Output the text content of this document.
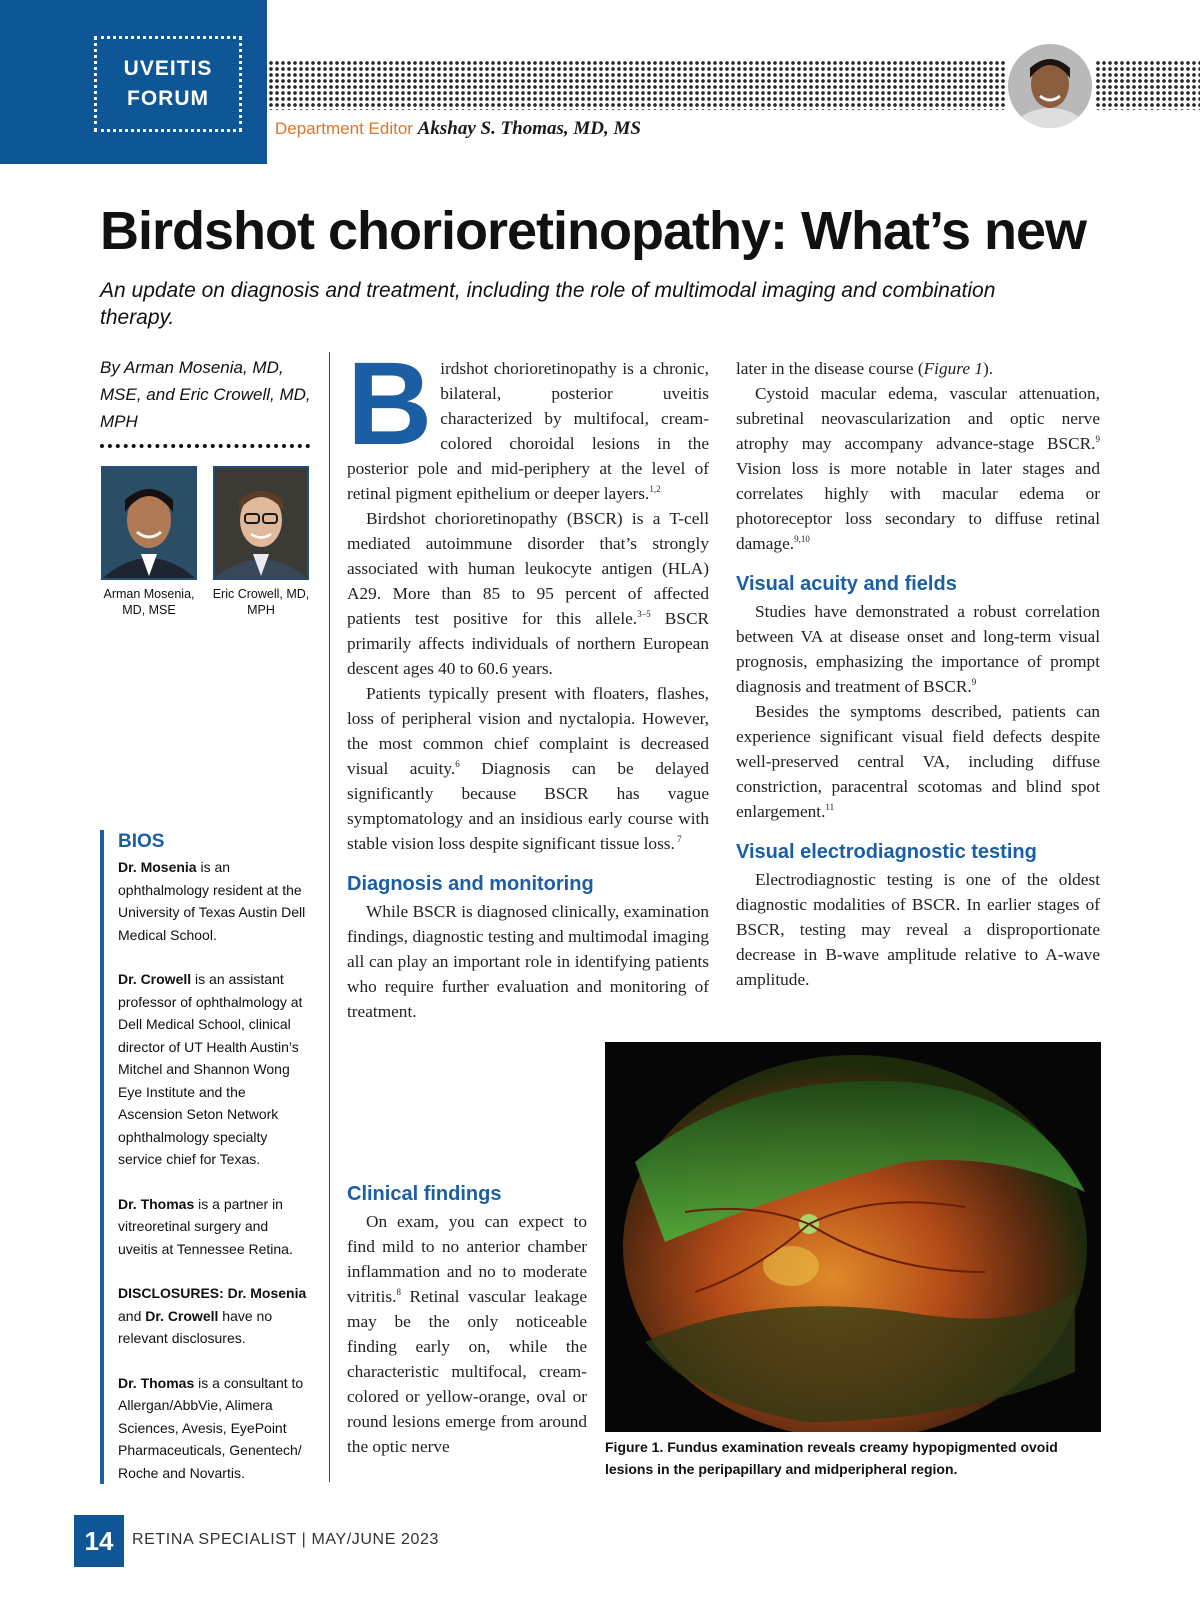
UVEITIS
FORUM
Department Editor Akshay S. Thomas, MD, MS
Birdshot chorioretinopathy: What’s new

An update on diagnosis and treatment, including the role of multimodal imaging and combination therapy.

By Arman Mosenia, MD, MSE, and Eric Crowell, MD, MPH
Arman Mosenia, MD, MSE
Eric Crowell, MD, MPH
BIOS

Dr. Mosenia is an ophthalmology resident at the University of Texas Austin Dell Medical School.

Dr. Crowell is an assistant professor of ophthalmology at Dell Medical School, clinical director of UT Health Austin’s Mitchel and Shannon Wong Eye Institute and the Ascension Seton Network ophthalmology specialty service chief for Texas.

Dr. Thomas is a partner in vitreoretinal surgery and uveitis at Tennessee Retina.

DISCLOSURES: Dr. Mosenia and Dr. Crowell have no relevant disclosures.

Dr. Thomas is a consultant to Allergan/AbbVie, Alimera Sciences, Avesis, EyePoint Pharmaceuticals, Genentech/ Roche and Novartis.

Birdshot chorioretinopathy is a chronic, bilateral, posterior uveitis characterized by multifocal, cream-colored choroidal lesions in the posterior pole and mid-periphery at the level of retinal pigment epithelium or deeper layers.$^{1,2}$

Birdshot chorioretinopathy (BSCR) is a T-cell mediated autoimmune disorder that’s strongly associated with human leukocyte antigen (HLA) A29. More than 85 to 95 percent of affected patients test positive for this allele.$^{3-5}$ BSCR primarily affects individuals of northern European descent ages 40 to 60.6 years.

Patients typically present with floaters, flashes, loss of peripheral vision and nyctalopia. However, the most common chief complaint is decreased visual acuity.$^6$ Diagnosis can be delayed significantly because BSCR has vague symptomatology and an insidious early course with stable vision loss despite significant tissue loss. $^7$

Diagnosis and monitoring

While BSCR is diagnosed clinically, examination findings, diagnostic testing and multimodal imaging all can play an important role in identifying patients who require further evaluation and monitoring of treatment.

Clinical findings

On exam, you can expect to find mild to no anterior chamber inflammation and no to moderate vitritis.$^8$ Retinal vascular leakage may be the only noticeable finding early on, while the characteristic multifocal, cream-colored or yellow-orange, oval or round lesions emerge from around the optic nerve

later in the disease course (Figure 1).

Cystoid macular edema, vascular attenuation, subretinal neovascularization and optic nerve atrophy may accompany advance-stage BSCR.$^9$ Vision loss is more notable in later stages and correlates highly with macular edema or photoreceptor loss secondary to diffuse retinal damage.$^{9,10}$

Visual acuity and fields

Studies have demonstrated a robust correlation between VA at disease onset and long-term visual prognosis, emphasizing the importance of prompt diagnosis and treatment of BSCR.$^9$

Besides the symptoms described, patients can experience significant visual field defects despite well-preserved central VA, including diffuse constriction, paracentral scotomas and blind spot enlargement.$^{11}$

Visual electrodiagnostic testing

Electrodiagnostic testing is one of the oldest diagnostic modalities of BSCR. In earlier stages of BSCR, testing may reveal a disproportionate decrease in B-wave amplitude relative to A-wave amplitude.

Figure 1. Fundus examination reveals creamy hypopigmented ovoid lesions in the peripapillary and midperipheral region.
14	RETINA SPECIALIST | MAY/JUNE 2023
